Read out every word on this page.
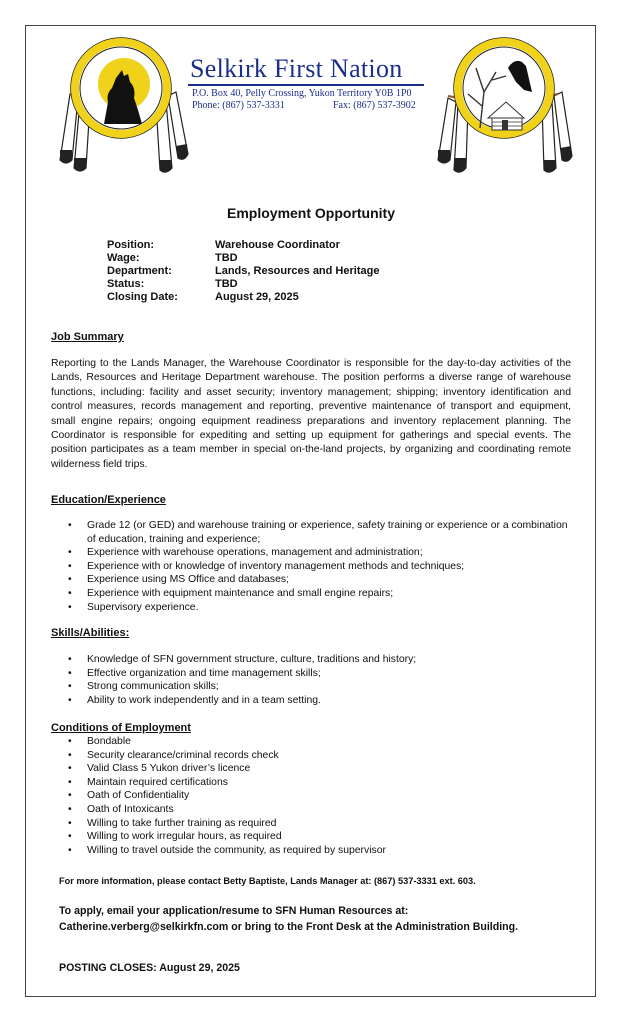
Selkirk First Nation
P.O. Box 40, Pelly Crossing, Yukon Territory Y0B 1P0
Phone: (867) 537-3331	Fax: (867) 537-3902
Employment Opportunity
Position:	Warehouse Coordinator
Wage:	TBD
Department:	Lands, Resources and Heritage
Status:	TBD
Closing Date:	August 29, 2025
Job Summary
Reporting to the Lands Manager, the Warehouse Coordinator is responsible for the day-to-day activities of the Lands, Resources and Heritage Department warehouse. The position performs a diverse range of warehouse functions, including: facility and asset security; inventory management; shipping; inventory identification and control measures, records management and reporting, preventive maintenance of transport and equipment, small engine repairs; ongoing equipment readiness preparations and inventory replacement planning. The Coordinator is responsible for expediting and setting up equipment for gatherings and special events. The position participates as a team member in special on-the-land projects, by organizing and coordinating remote wilderness field trips.
Education/Experience
• Grade 12 (or GED) and warehouse training or experience, safety training or experience or a combination of education, training and experience;
• Experience with warehouse operations, management and administration;
• Experience with or knowledge of inventory management methods and techniques;
• Experience using MS Office and databases;
• Experience with equipment maintenance and small engine repairs;
• Supervisory experience.
Skills/Abilities:
• Knowledge of SFN government structure, culture, traditions and history;
• Effective organization and time management skills;
• Strong communication skills;
• Ability to work independently and in a team setting.
Conditions of Employment
• Bondable
• Security clearance/criminal records check
• Valid Class 5 Yukon driver’s licence
• Maintain required certifications
• Oath of Confidentiality
• Oath of Intoxicants
• Willing to take further training as required
• Willing to work irregular hours, as required
• Willing to travel outside the community, as required by supervisor
For more information, please contact Betty Baptiste, Lands Manager at: (867) 537-3331 ext. 603.
To apply, email your application/resume to SFN Human Resources at:
Catherine.verberg@selkirkfn.com or bring to the Front Desk at the Administration Building.
POSTING CLOSES: August 29, 2025
